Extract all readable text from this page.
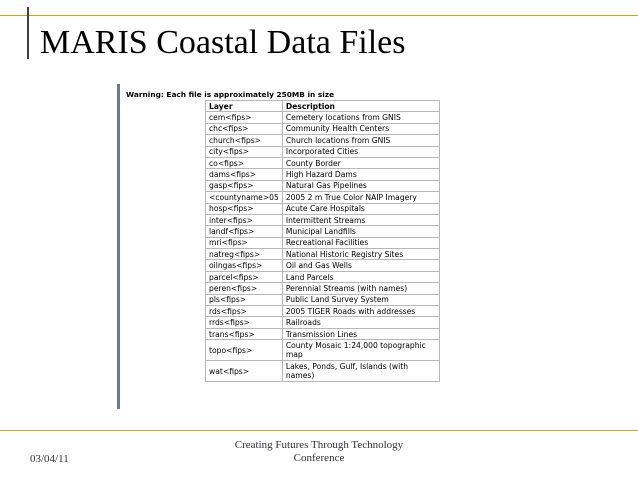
MARIS Coastal Data Files
Warning: Each file is approximately 250MB in size
Layer	Description
cem<fips>	Cemetery locations from GNIS
chc<fips>	Community Health Centers
church<fips>	Church locations from GNIS
city<fips>	Incorporated Cities
co<fips>	County Border
dams<fips>	High Hazard Dams
gasp<fips>	Natural Gas Pipelines
<countyname>05	2005 2 m True Color NAIP Imagery
hosp<fips>	Acute Care Hospitals
inter<fips>	Intermittent Streams
landf<fips>	Municipal Landfills
mri<fips>	Recreational Facilities
natreg<fips>	National Historic Registry Sites
oilngas<fips>	Oil and Gas Wells
parcel<fips>	Land Parcels
peren<fips>	Perennial Streams (with names)
pls<fips>	Public Land Survey System
rds<fips>	2005 TIGER Roads with addresses
rrds<fips>	Railroads
trans<fips>	Transmission Lines
topo<fips>	County Mosaic 1:24,000 topographic map
wat<fips>	Lakes, Ponds, Gulf, Islands (with names)
03/04/11
Creating Futures Through Technology
Conference
